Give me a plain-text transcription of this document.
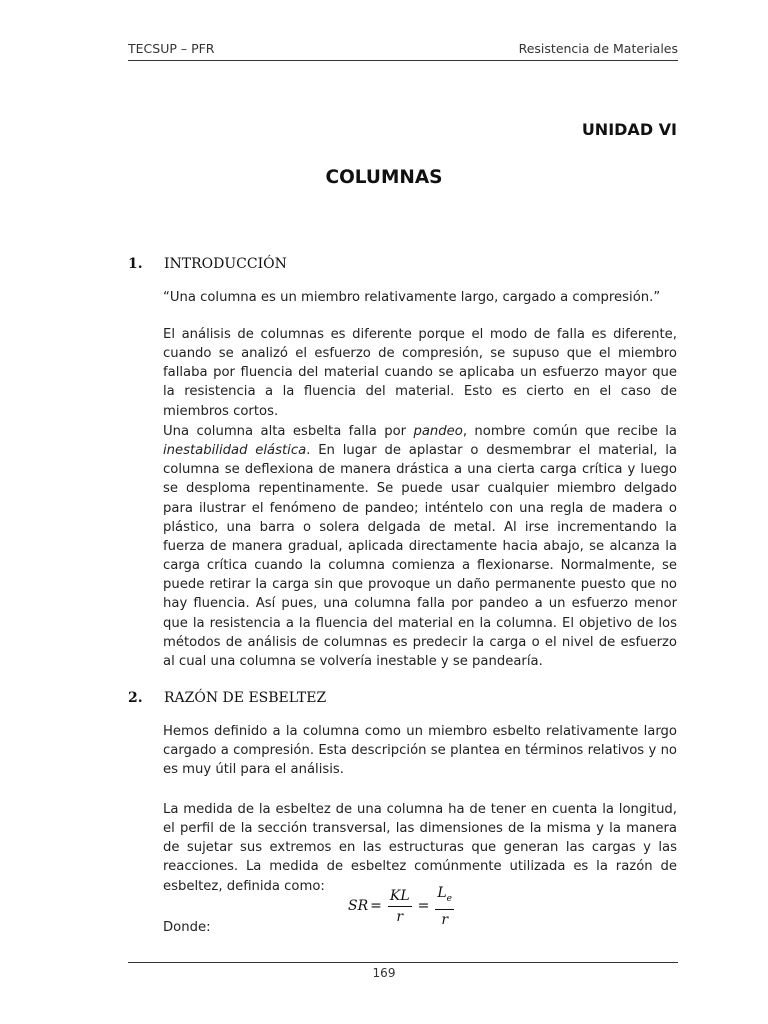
TECSUP – PFR	Resistencia de Materiales
UNIDAD VI
COLUMNAS
1. INTRODUCCIÓN

“Una columna es un miembro relativamente largo, cargado a compresión.”

El análisis de columnas es diferente porque el modo de falla es diferente, cuando se analizó el esfuerzo de compresión, se supuso que el miembro fallaba por fluencia del material cuando se aplicaba un esfuerzo mayor que la resistencia a la fluencia del material. Esto es cierto en el caso de miembros cortos.

Una columna alta esbelta falla por pandeo, nombre común que recibe la inestabilidad elástica. En lugar de aplastar o desmembrar el material, la columna se deflexiona de manera drástica a una cierta carga crítica y luego se desploma repentinamente. Se puede usar cualquier miembro delgado para ilustrar el fenómeno de pandeo; inténtelo con una regla de madera o plástico, una barra o solera delgada de metal. Al irse incrementando la fuerza de manera gradual, aplicada directamente hacia abajo, se alcanza la carga crítica cuando la columna comienza a flexionarse. Normalmente, se puede retirar la carga sin que provoque un daño permanente puesto que no hay fluencia. Así pues, una columna falla por pandeo a un esfuerzo menor que la resistencia a la fluencia del material en la columna. El objetivo de los métodos de análisis de columnas es predecir la carga o el nivel de esfuerzo al cual una columna se volvería inestable y se pandearía.

2. RAZÓN DE ESBELTEZ

Hemos definido a la columna como un miembro esbelto relativamente largo cargado a compresión. Esta descripción se plantea en términos relativos y no es muy útil para el análisis.

La medida de la esbeltez de una columna ha de tener en cuenta la longitud, el perfil de la sección transversal, las dimensiones de la misma y la manera de sujetar sus extremos en las estructuras que generan las cargas y las reacciones. La medida de esbeltez comúnmente utilizada es la razón de esbeltez, definida como:

SR = $\frac{KL}{r} = \frac{L_e}{r}$

Donde:

169
